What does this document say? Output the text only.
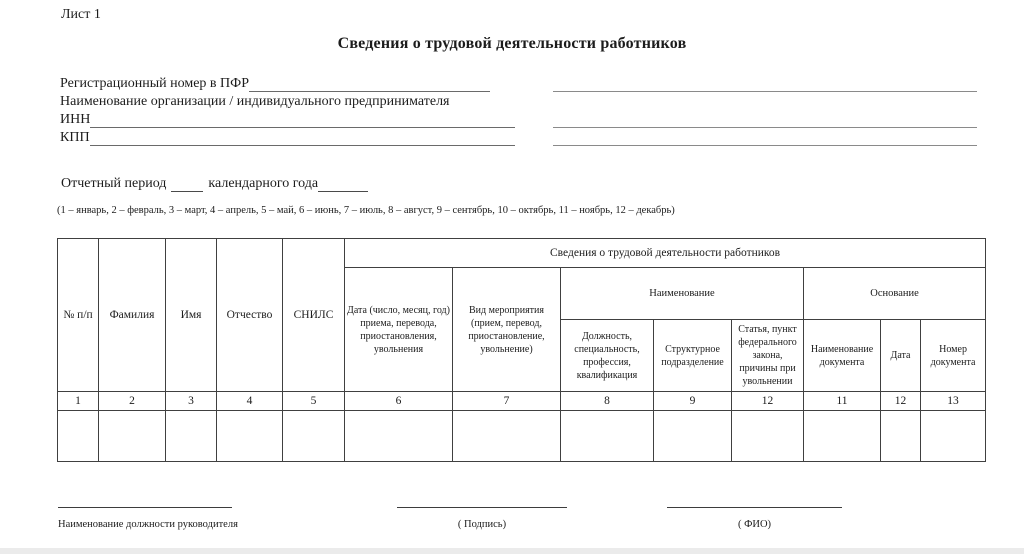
Лист 1
Сведения о трудовой деятельности работников
Регистрационный номер в ПФР
Наименование организации / индивидуального предпринимателя
ИНН
КПП
Отчетный период	календарного года
(1 – январь, 2 – февраль, 3 – март, 4 – апрель, 5 – май, 6 – июнь, 7 – июль, 8 – август, 9 – сентябрь, 10 – октябрь, 11 – ноябрь, 12 – декабрь)
№ п/п	Фамилия	Имя	Отчество	СНИЛС	Сведения о трудовой деятельности работников							
					Дата (число, месяц, год) приема, перевода, приостановления, увольнения	Вид мероприятия (прием, перевод, приостановление, увольнение)	Наименование			Основание		
							Должность, специальность, профессия, квалификация	Структурное подразделение	Статья, пункт федерального закона, причины при увольнении	Наименование документа	Дата	Номер документа
1	2	3	4	5	6	7	8	9	12	11	12	13

Наименование должности руководителя	( Подпись)	( ФИО)
